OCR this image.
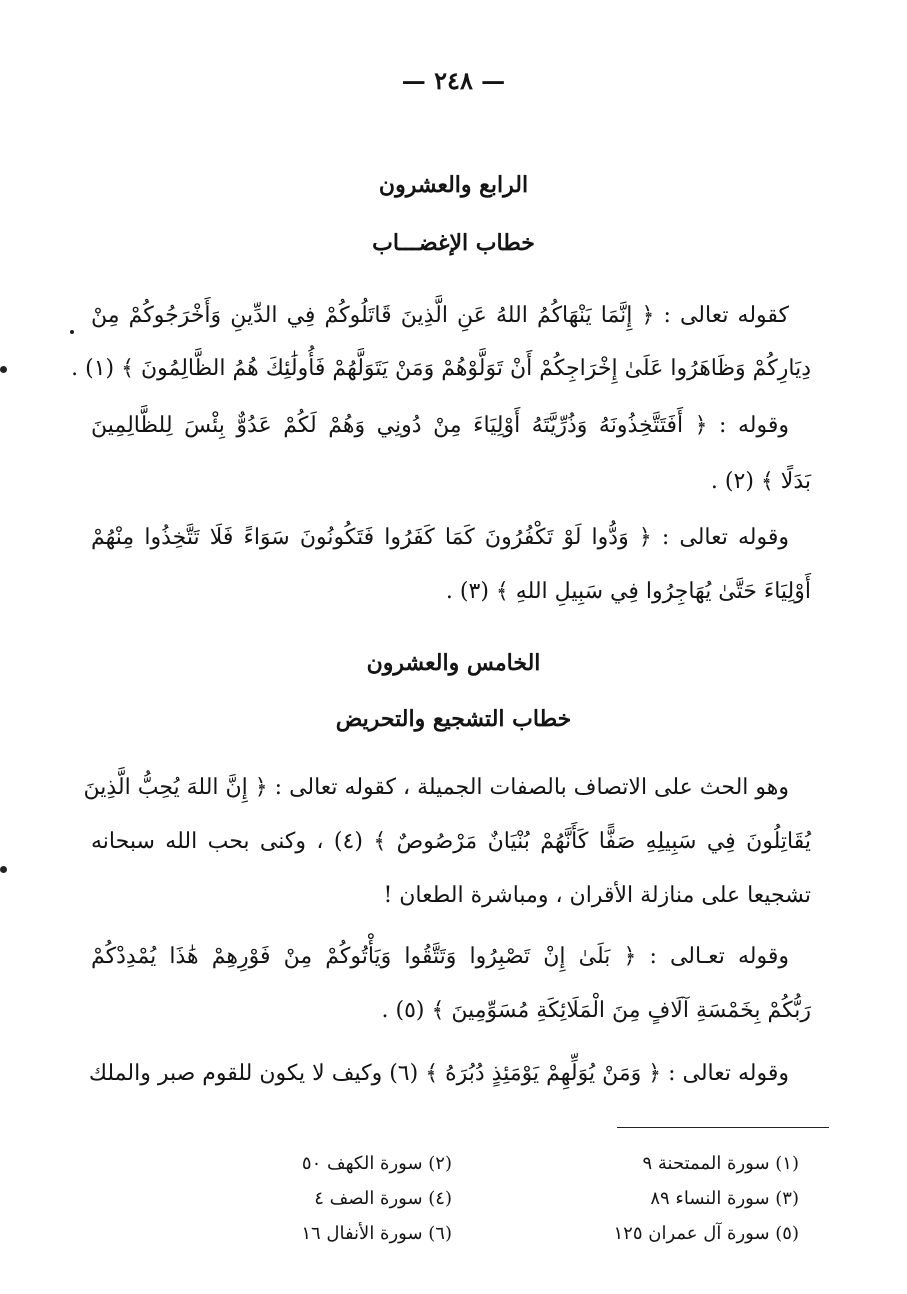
— ٢٤٨ —
الرابع والعشرون
خطاب الإغضـــاب
كقوله تعالى : ﴿ إِنَّمَا يَنْهَاكُمُ اللهُ عَنِ الَّذِينَ قَاتَلُوكُمْ فِي الدِّينِ وَأَخْرَجُوكُمْ مِنْ
دِيَارِكُمْ وَظَاهَرُوا عَلَىٰ إِخْرَاجِكُمْ أَنْ تَوَلَّوْهُمْ وَمَنْ يَتَوَلَّهُمْ فَأُولَٰئِكَ هُمُ الظَّالِمُونَ ﴾ (١) .
وقوله : ﴿ أَفَتَتَّخِذُونَهُ وَذُرِّيَّتَهُ أَوْلِيَاءَ مِنْ دُونِي وَهُمْ لَكُمْ عَدُوٌّ بِئْسَ لِلظَّالِمِينَ
بَدَلًا ﴾ (٢) .
وقوله تعالى : ﴿ وَدُّوا لَوْ تَكْفُرُونَ كَمَا كَفَرُوا فَتَكُونُونَ سَوَاءً فَلَا تَتَّخِذُوا مِنْهُمْ
أَوْلِيَاءَ حَتَّىٰ يُهَاجِرُوا فِي سَبِيلِ اللهِ ﴾ (٣) .
الخامس والعشرون
خطاب التشجيع والتحريض
وهو الحث على الاتصاف بالصفات الجميلة ، كقوله تعالى : ﴿ إِنَّ اللهَ يُحِبُّ الَّذِينَ
يُقَاتِلُونَ فِي سَبِيلِهِ صَفًّا كَأَنَّهُمْ بُنْيَانٌ مَرْصُوصٌ ﴾ (٤) ، وكنى بحب الله سبحانه
تشجيعا على منازلة الأقران ، ومباشرة الطعان !
وقوله تعـالى : ﴿ بَلَىٰ إِنْ تَصْبِرُوا وَتَتَّقُوا وَيَأْتُوكُمْ مِنْ فَوْرِهِمْ هَٰذَا يُمْدِدْكُمْ
رَبُّكُمْ بِخَمْسَةِ آلَافٍ مِنَ الْمَلَائِكَةِ مُسَوِّمِينَ ﴾ (٥) .
وقوله تعالى : ﴿ وَمَنْ يُوَلِّهِمْ يَوْمَئِذٍ دُبُرَهُ ﴾ (٦) وكيف لا يكون للقوم صبر والملك
(١) سورة الممتحنة ٩
(٢) سورة الكهف ٥٠
(٣) سورة النساء ٨٩
(٤) سورة الصف ٤
(٥) سورة آل عمران ١٢٥
(٦) سورة الأنفال ١٦
